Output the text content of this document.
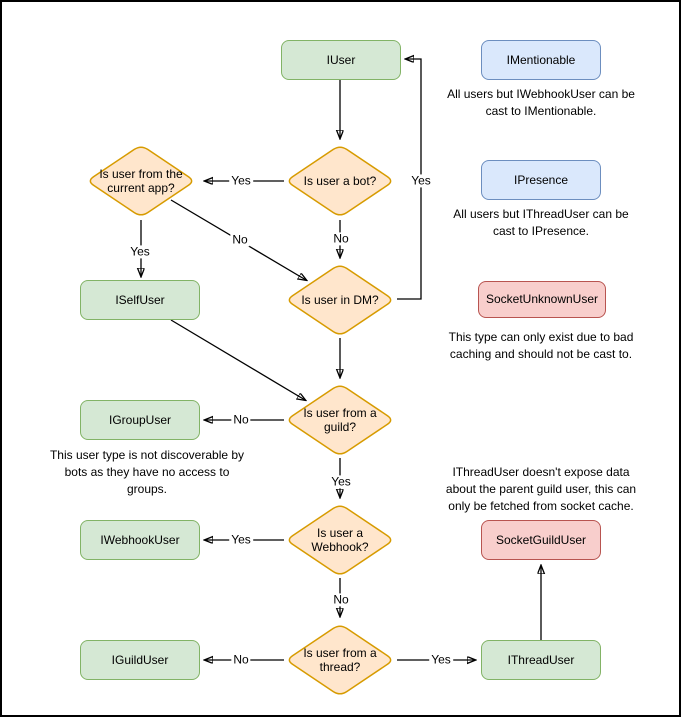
IUser	IMentionable
IPresence
SocketUnknownUser
ISelfUser
IGroupUser
IWebhookUser
IGuildUser
SocketGuildUser
IThreadUser
Is user from the current app?
Is user a bot?
Is user in DM?
Is user from a guild?
Is user a Webhook?
Is user from a thread?
Yes
No
Yes
Yes
No
No
Yes
Yes
No
No	Yes
All users but IWebhookUser can be
cast to IMentionable.
All users but IThreadUser can be
cast to IPresence.
This type can only exist due to bad
caching and should not be cast to.
This user type is not discoverable by
bots as they have no access to
groups.
IThreadUser doesn't expose data
about the parent guild user, this can
only be fetched from socket cache.
